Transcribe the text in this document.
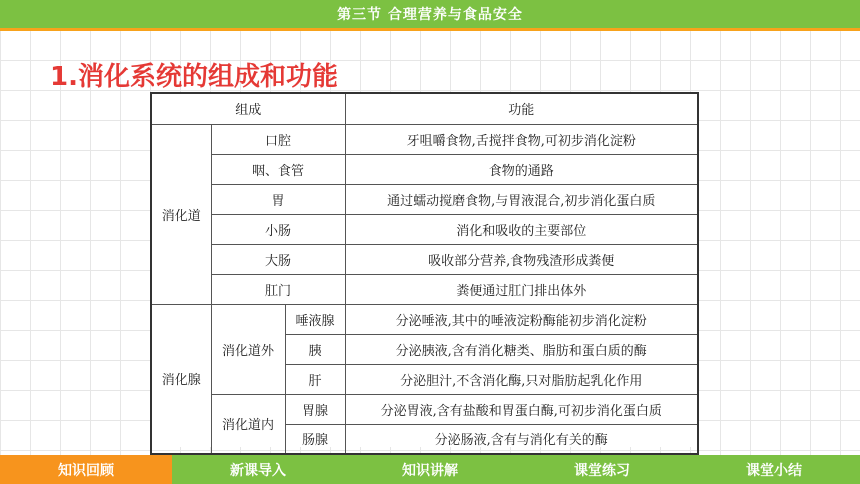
第三节 合理营养与食品安全
1.消化系统的组成和功能
组成			功能
消化道	口腔		牙咀嚼食物,舌搅拌食物,可初步消化淀粉
	咽、食管		食物的通路
	胃		通过蠕动搅磨食物,与胃液混合,初步消化蛋白质
	小肠		消化和吸收的主要部位
	大肠		吸收部分营养,食物残渣形成粪便
	肛门		粪便通过肛门排出体外
消化腺	消化道外	唾液腺	分泌唾液,其中的唾液淀粉酶能初步消化淀粉
		胰	分泌胰液,含有消化糖类、脂肪和蛋白质的酶
		肝	分泌胆汁,不含消化酶,只对脂肪起乳化作用
	消化道内	胃腺	分泌胃液,含有盐酸和胃蛋白酶,可初步消化蛋白质
		肠腺	分泌肠液,含有与消化有关的酶
知识回顾	新课导入	知识讲解	课堂练习	课堂小结
